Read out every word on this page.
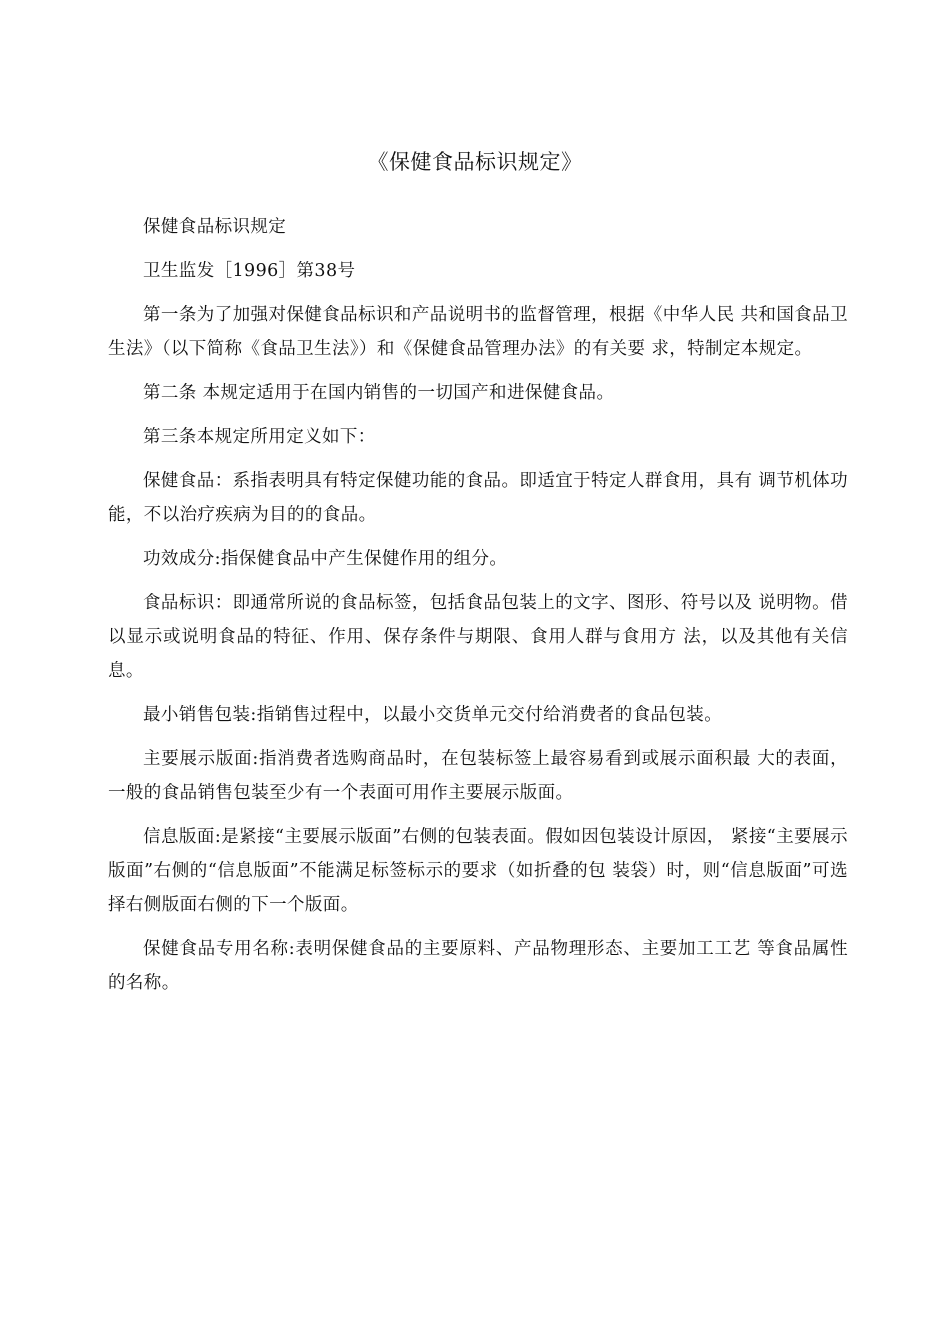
《保健食品标识规定》

保健食品标识规定

卫生监发［1996］第38号

第一条为了加强对保健食品标识和产品说明书的监督管理，根据《中华人民 共和国食品卫生法》（以下简称《食品卫生法》）和《保健食品管理办法》的有关要 求，特制定本规定。

第二条 本规定适用于在国内销售的一切国产和进保健食品。

第三条本规定所用定义如下：

保健食品：系指表明具有特定保健功能的食品。即适宜于特定人群食用，具有 调节机体功能，不以治疗疾病为目的的食品。

功效成分:指保健食品中产生保健作用的组分。

食品标识：即通常所说的食品标签，包括食品包装上的文字、图形、符号以及 说明物。借以显示或说明食品的特征、作用、保存条件与期限、食用人群与食用方 法，以及其他有关信息。

最小销售包装:指销售过程中，以最小交货单元交付给消费者的食品包装。

主要展示版面:指消费者选购商品时，在包装标签上最容易看到或展示面积最 大的表面，一般的食品销售包装至少有一个表面可用作主要展示版面。

信息版面:是紧接“主要展示版面”右侧的包装表面。假如因包装设计原因， 紧接“主要展示版面”右侧的“信息版面”不能满足标签标示的要求（如折叠的包 装袋）时，则“信息版面”可选择右侧版面右侧的下一个版面。

保健食品专用名称:表明保健食品的主要原料、产品物理形态、主要加工工艺 等食品属性的名称。
